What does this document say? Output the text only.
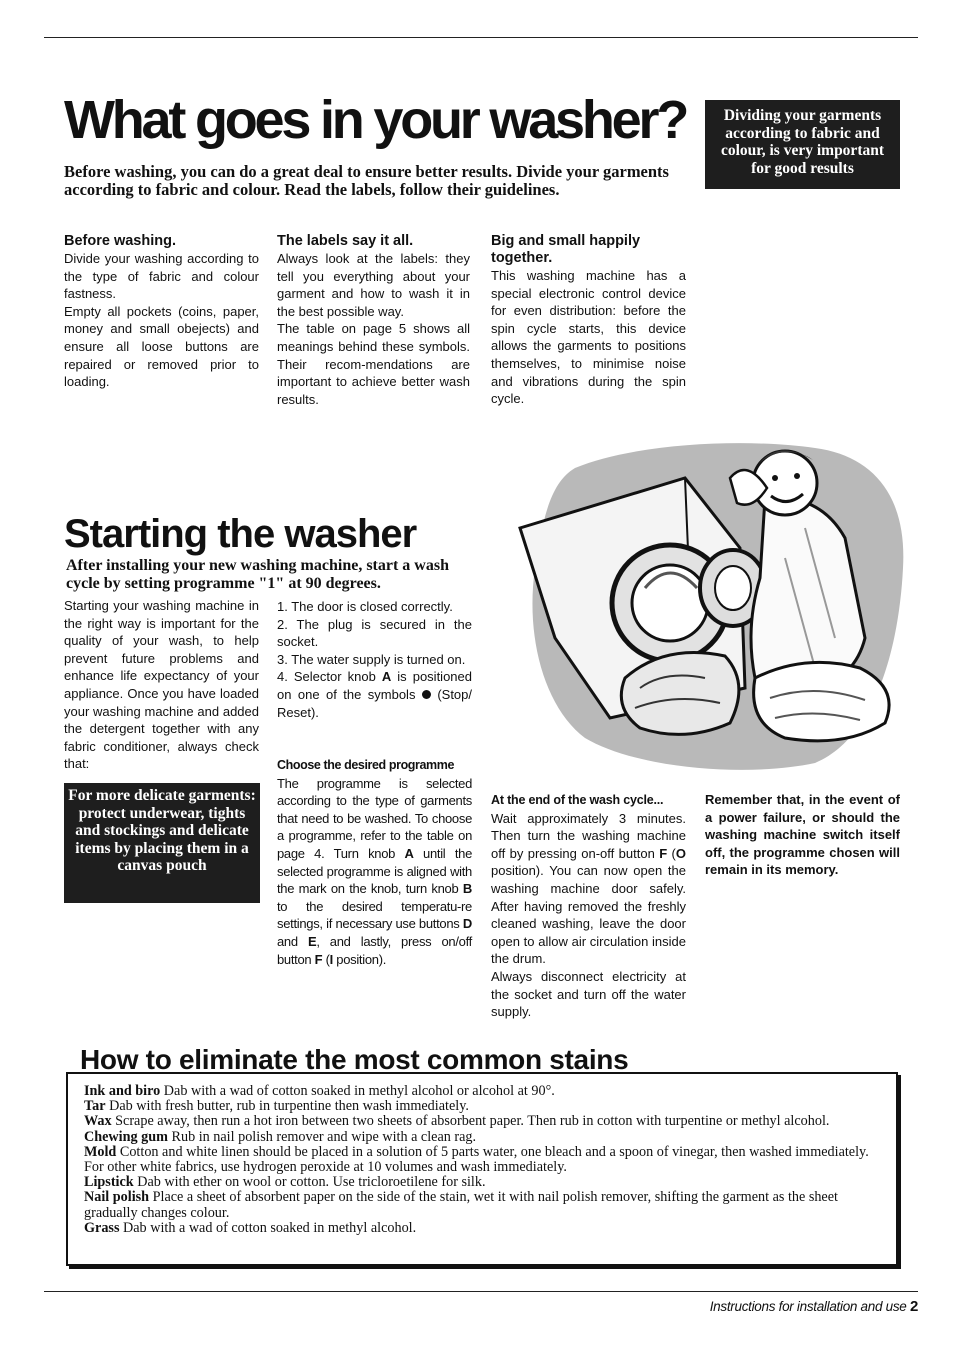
What goes in your washer?
Before washing, you can do a great deal to ensure better results. Divide your garments according to fabric and colour. Read the labels, follow their guidelines.
Dividing your garments according to fabric and colour, is very important for good results
Before washing.

Divide your washing according to the type of fabric and colour fastness.

Empty all pockets (coins, paper, money and small obejects) and ensure all loose buttons are repaired or removed prior to loading.

The labels say it all.

Always look at the labels: they tell you everything about your garment and how to wash it in the best possible way.

The table on page 5 shows all meanings behind these symbols. Their recom-mendations are important to achieve better wash results.

Big and small happily together.

This washing machine has a special electronic control device for even distribution: before the spin cycle starts, this device allows the garments to positions themselves, to minimise noise and vibrations during the spin cycle.

Starting the washer
After installing your new washing machine, start a wash cycle by setting programme "1" at 90 degrees.
Starting your washing machine in the right way is important for the quality of your wash, to help prevent future problems and enhance life expectancy of your appliance. Once you have loaded your washing machine and added the detergent together with any fabric conditioner, always check that:
For more delicate garments: protect underwear, tights and stockings and delicate items by placing them in a canvas pouch
1. The door is closed correctly.
2. The plug is secured in the socket.
3. The water supply is turned on.
4. Selector knob A is positioned on one of the symbols  (Stop/ Reset).
Choose the desired programme
The programme is selected according to the type of garments that need to be washed. To choose a programme, refer to the table on page 4. Turn knob A until the selected programme is aligned with the mark on the knob, turn knob B to the desired temperatu-re settings, if necessary use buttons D and E, and lastly, press on/off button F (I position).
At the end of the wash cycle...

Wait approximately 3 minutes. Then turn the washing machine off by pressing on-off button F (O position). You can now open the washing machine door safely. After having removed the freshly cleaned washing, leave the door open to allow air circulation inside the drum.

Always disconnect electricity at the socket and turn off the water supply.

Remember that, in the event of a power failure, or should the washing machine switch itself off, the programme chosen will remain in its memory.
How to eliminate the most common stains

Ink and biro Dab with a wad of cotton soaked in methyl alcohol or alcohol at 90°.

Tar Dab with fresh butter, rub in turpentine then wash immediately.

Wax Scrape away, then run a hot iron between two sheets of absorbent paper. Then rub in cotton with turpentine or methyl alcohol.

Chewing gum Rub in nail polish remover and wipe with a clean rag.

Mold Cotton and white linen should be placed in a solution of 5 parts water, one bleach and a spoon of vinegar, then washed immediately. For other white fabrics, use hydrogen peroxide at 10 volumes and wash immediately.

Lipstick Dab with ether on wool or cotton. Use tricloroetilene for silk.

Nail polish Place a sheet of absorbent paper on the side of the stain, wet it with nail polish remover, shifting the garment as the sheet gradually changes colour.

Grass Dab with a wad of cotton soaked in methyl alcohol.

Instructions for installation and use 2
